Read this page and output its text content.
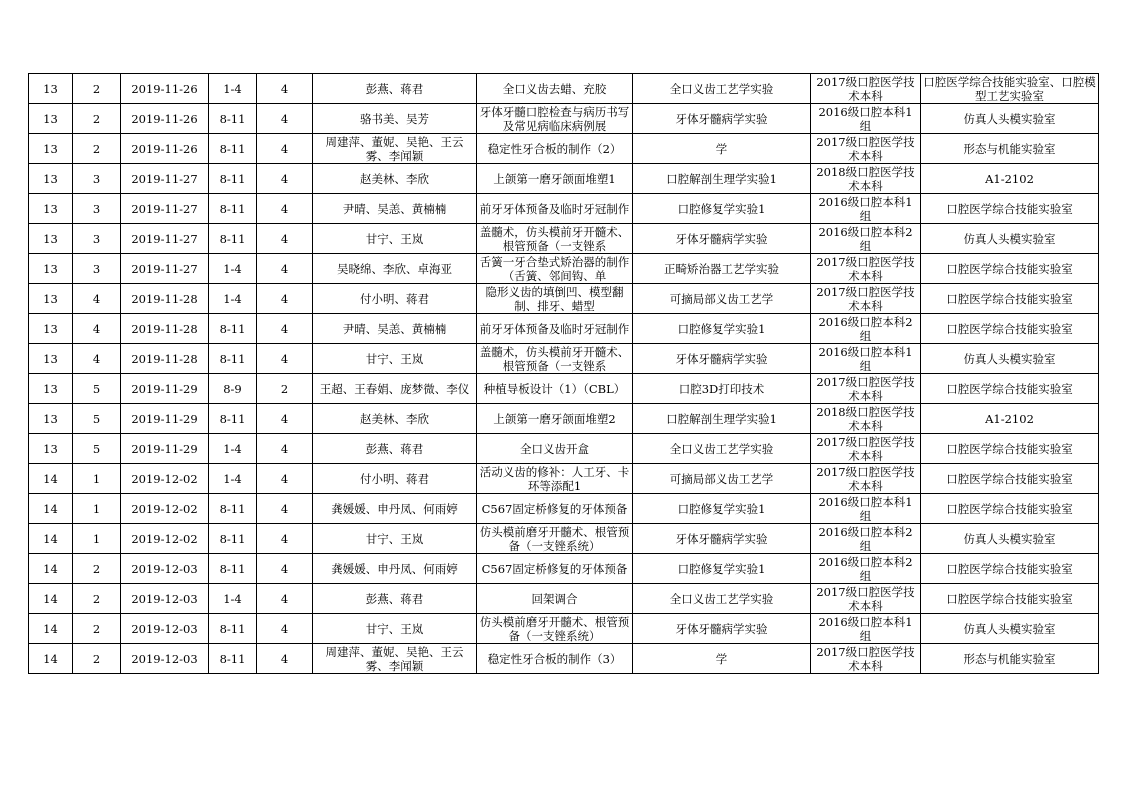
13	2	2019-11-26	1-4	4	彭燕、蒋君	全口义齿去蜡、充胶	全口义齿工艺学实验	2017级口腔医学技术本科	口腔医学综合技能实验室、口腔模型工艺实验室

13	2	2019-11-26	8-11	4	骆书美、吴芳	牙体牙髓口腔检查与病历书写及常见病临床病例展	牙体牙髓病学实验	2016级口腔本科1组	仿真人头模实验室

13	2	2019-11-26	8-11	4	周建萍、董妮、吴艳、王云雾、李闻颖	稳定性牙合板的制作（2）	学	2017级口腔医学技术本科	形态与机能实验室

13	3	2019-11-27	8-11	4	赵美林、李欣	上颌第一磨牙颌面堆塑1	口腔解剖生理学实验1	2018级口腔医学技术本科	A1-2102

13	3	2019-11-27	8-11	4	尹晴、吴恙、黄楠楠	前牙牙体预备及临时牙冠制作	口腔修复学实验1	2016级口腔本科1组	口腔医学综合技能实验室

13	3	2019-11-27	8-11	4	甘宁、王岚	盖髓术，仿头模前牙开髓术、根管预备（一支锉系	牙体牙髓病学实验	2016级口腔本科2组	仿真人头模实验室

13	3	2019-11-27	1-4	4	吴晓绵、李欣、卓海亚	舌簧一牙合垫式矫治器的制作（舌簧、邻间钩、单	正畸矫治器工艺学实验	2017级口腔医学技术本科	口腔医学综合技能实验室

13	4	2019-11-28	1-4	4	付小明、蒋君	隐形义齿的填倒凹、模型翻制、排牙、蜡型	可摘局部义齿工艺学	2017级口腔医学技术本科	口腔医学综合技能实验室

13	4	2019-11-28	8-11	4	尹晴、吴恙、黄楠楠	前牙牙体预备及临时牙冠制作	口腔修复学实验1	2016级口腔本科2组	口腔医学综合技能实验室

13	4	2019-11-28	8-11	4	甘宁、王岚	盖髓术，仿头模前牙开髓术、根管预备（一支锉系	牙体牙髓病学实验	2016级口腔本科1组	仿真人头模实验室

13	5	2019-11-29	8-9	2	王超、王春娟、庞梦微、李仪	种植导板设计（1）（CBL）	口腔3D打印技术	2017级口腔医学技术本科	口腔医学综合技能实验室

13	5	2019-11-29	8-11	4	赵美林、李欣	上颌第一磨牙颌面堆塑2	口腔解剖生理学实验1	2018级口腔医学技术本科	A1-2102

13	5	2019-11-29	1-4	4	彭燕、蒋君	全口义齿开盒	全口义齿工艺学实验	2017级口腔医学技术本科	口腔医学综合技能实验室

14	1	2019-12-02	1-4	4	付小明、蒋君	活动义齿的修补：人工牙、卡环等添配1	可摘局部义齿工艺学	2017级口腔医学技术本科	口腔医学综合技能实验室

14	1	2019-12-02	8-11	4	龚媛媛、申丹凤、何雨婷	C567固定桥修复的牙体预备	口腔修复学实验1	2016级口腔本科1组	口腔医学综合技能实验室

14	1	2019-12-02	8-11	4	甘宁、王岚	仿头模前磨牙开髓术、根管预备（一支锉系统）	牙体牙髓病学实验	2016级口腔本科2组	仿真人头模实验室

14	2	2019-12-03	8-11	4	龚媛媛、申丹凤、何雨婷	C567固定桥修复的牙体预备	口腔修复学实验1	2016级口腔本科2组	口腔医学综合技能实验室

14	2	2019-12-03	1-4	4	彭燕、蒋君	回架调合	全口义齿工艺学实验	2017级口腔医学技术本科	口腔医学综合技能实验室

14	2	2019-12-03	8-11	4	甘宁、王岚	仿头模前磨牙开髓术、根管预备（一支锉系统）	牙体牙髓病学实验	2016级口腔本科1组	仿真人头模实验室

14	2	2019-12-03	8-11	4	周建萍、董妮、吴艳、王云雾、李闻颖	稳定性牙合板的制作（3）	学	2017级口腔医学技术本科	形态与机能实验室
